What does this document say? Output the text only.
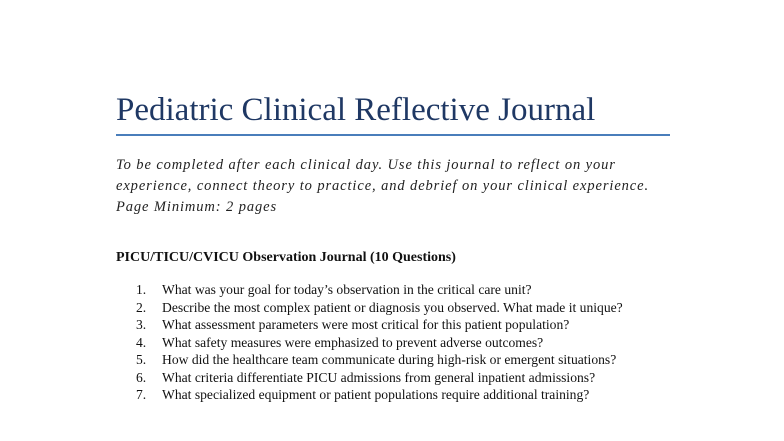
Pediatric Clinical Reflective Journal
To be completed after each clinical day. Use this journal to reflect on your experience, connect theory to practice, and debrief on your clinical experience. Page Minimum: 2 pages
PICU/TICU/CVICU Observation Journal (10 Questions)
1.	What was your goal for today’s observation in the critical care unit?
2.	Describe the most complex patient or diagnosis you observed. What made it unique?
3.	What assessment parameters were most critical for this patient population?
4.	What safety measures were emphasized to prevent adverse outcomes?
5.	How did the healthcare team communicate during high-risk or emergent situations?
6.	What criteria differentiate PICU admissions from general inpatient admissions?
7.	What specialized equipment or patient populations require additional training?
